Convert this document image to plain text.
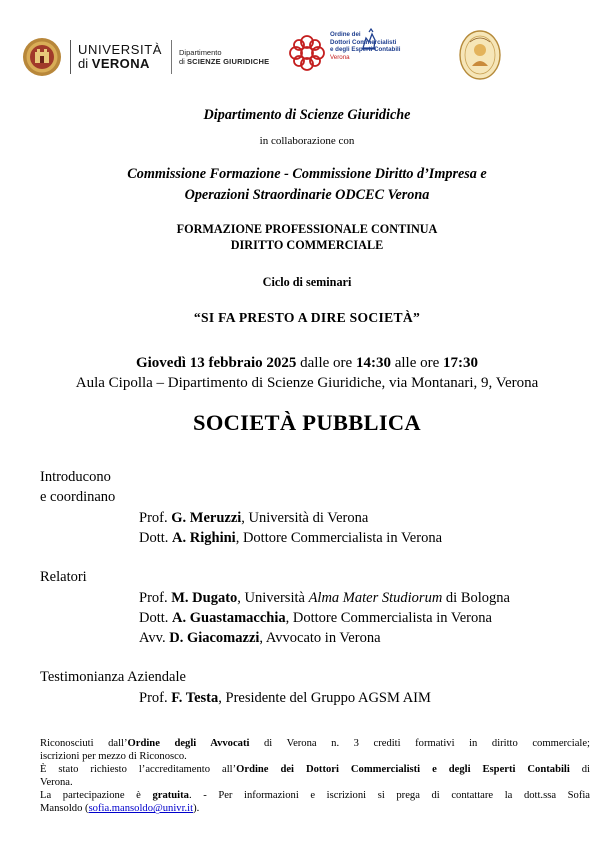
UNIVERSITÀ
di VERONA
Dipartimento
di SCIENZE GIURIDICHE
Ordine dei
Dottori Commercialisti
e degli Esperti Contabili
Verona
Dipartimento di Scienze Giuridiche
in collaborazione con
Commissione Formazione - Commissione Diritto d’Impresa e
Operazioni Straordinarie ODCEC Verona
FORMAZIONE PROFESSIONALE CONTINUA
DIRITTO COMMERCIALE
Ciclo di seminari
“SI FA PRESTO A DIRE SOCIETÀ”
Giovedì 13 febbraio 2025 dalle ore 14:30 alle ore 17:30
Aula Cipolla – Dipartimento di Scienze Giuridiche, via Montanari, 9, Verona
SOCIETÀ PUBBLICA
Introducono
e coordinano
Prof. G. Meruzzi, Università di Verona
Dott. A. Righini, Dottore Commercialista in Verona
Relatori
Prof. M. Dugato, Università Alma Mater Studiorum di Bologna
Dott. A. Guastamacchia, Dottore Commercialista in Verona
Avv. D. Giacomazzi, Avvocato in Verona
Testimonianza Aziendale
Prof. F. Testa, Presidente del Gruppo AGSM AIM
Riconosciuti dall’Ordine degli Avvocati di Verona n. 3 crediti formativi in diritto commerciale;
iscrizioni per mezzo di Riconosco.
È stato richiesto l’accreditamento all’Ordine dei Dottori Commercialisti e degli Esperti Contabili di
Verona.
La partecipazione è gratuita. - Per informazioni e iscrizioni si prega di contattare la dott.ssa Sofia
Mansoldo (sofia.mansoldo@univr.it).
